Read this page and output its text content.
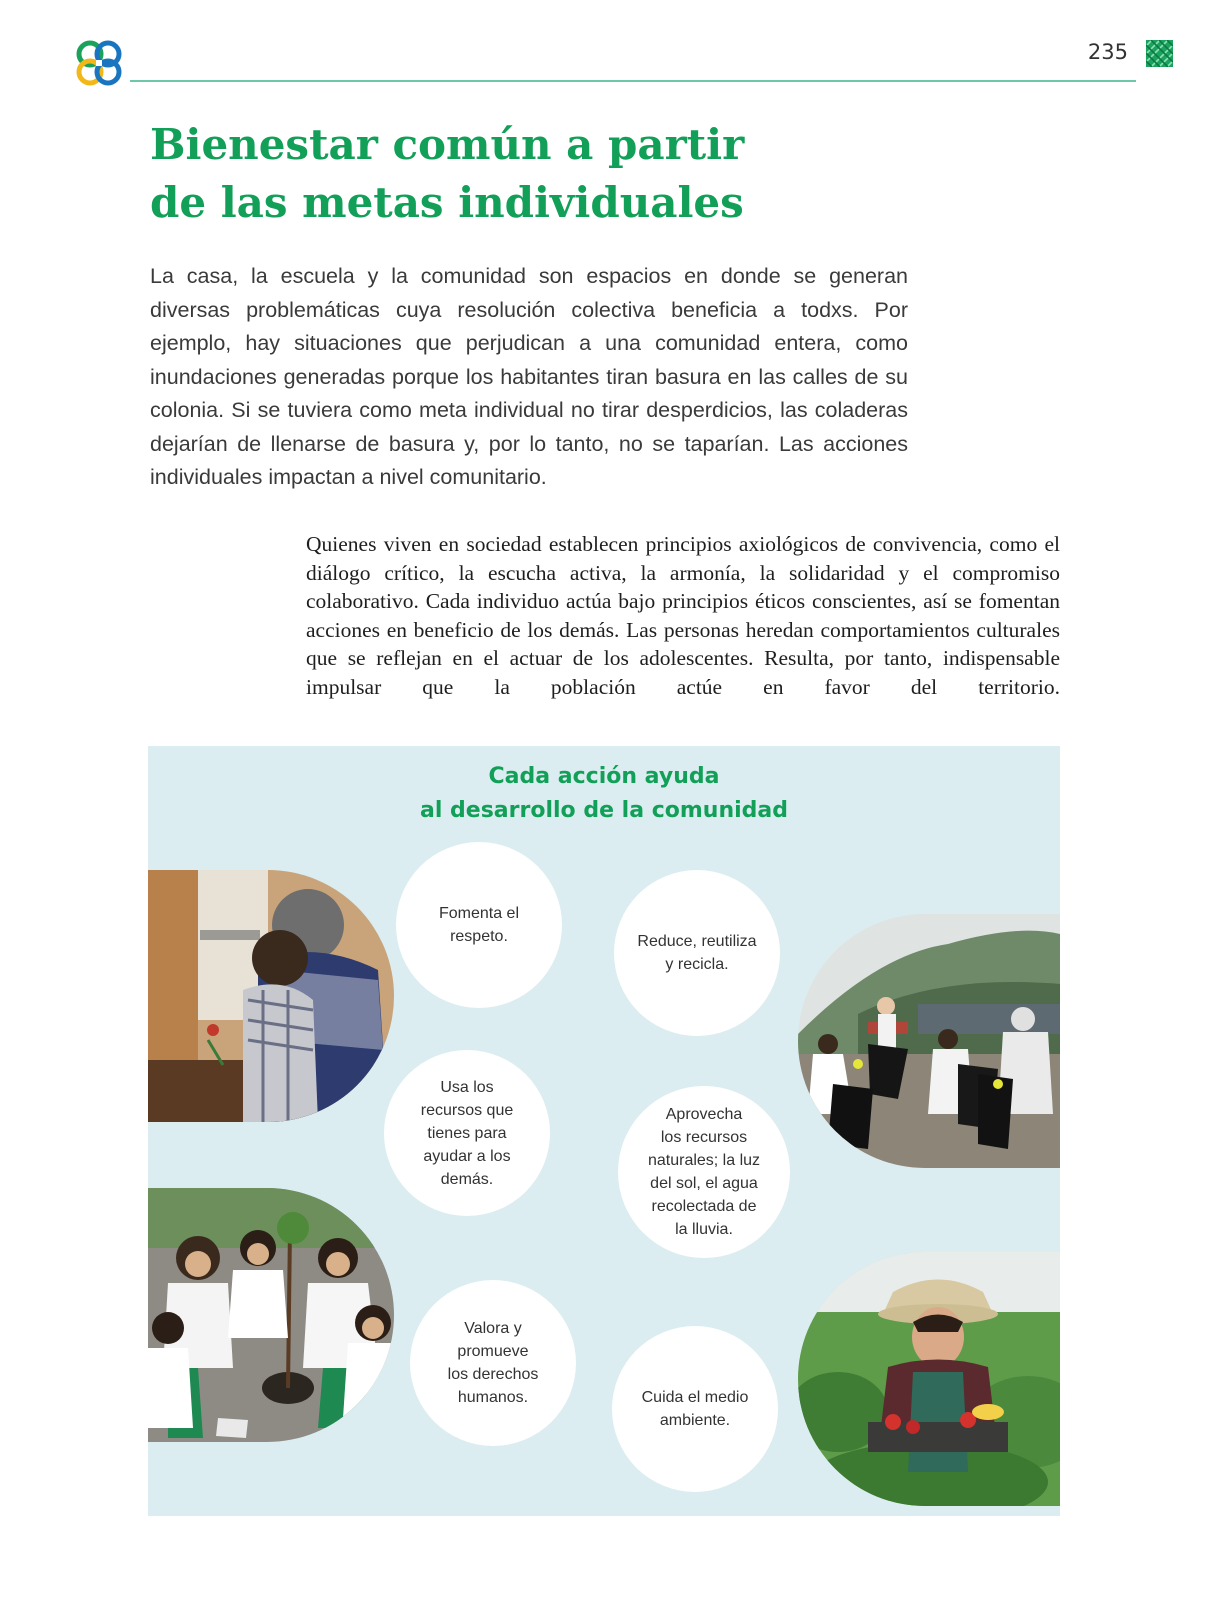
235
Bienestar común a partir
de las metas individuales

La casa, la escuela y la comunidad son espacios en donde se generan diversas problemáticas cuya resolución colectiva beneficia a todxs. Por ejemplo, hay situaciones que perjudican a una comunidad entera, como inundaciones generadas porque los habitantes tiran basura en las calles de su colonia. Si se tuviera como meta individual no tirar desperdicios, las coladeras dejarían de llenarse de basura y, por lo tanto, no se taparían. Las acciones individuales impactan a nivel comunitario.

Quienes viven en sociedad establecen principios axiológicos de convivencia, como el diálogo crítico, la escucha activa, la armonía, la solidaridad y el compromiso colaborativo. Cada individuo actúa bajo principios éticos conscientes, así se fomentan acciones en beneficio de los demás. Las personas heredan comportamientos culturales que se reflejan en el actuar de los adolescentes. Resulta, por tanto, indispensable impulsar que la población actúe en favor del territorio.

Cada acción ayuda
al desarrollo de la comunidad
Fomenta el
respeto.	Reduce, reutiliza
y recicla.
Usa los
recursos que
tienes para
ayudar a los
demás.
Aprovecha
los recursos
naturales; la luz
del sol, el agua
recolectada de
la lluvia.
Valora y
promueve
los derechos
humanos.	Cuida el medio
ambiente.
